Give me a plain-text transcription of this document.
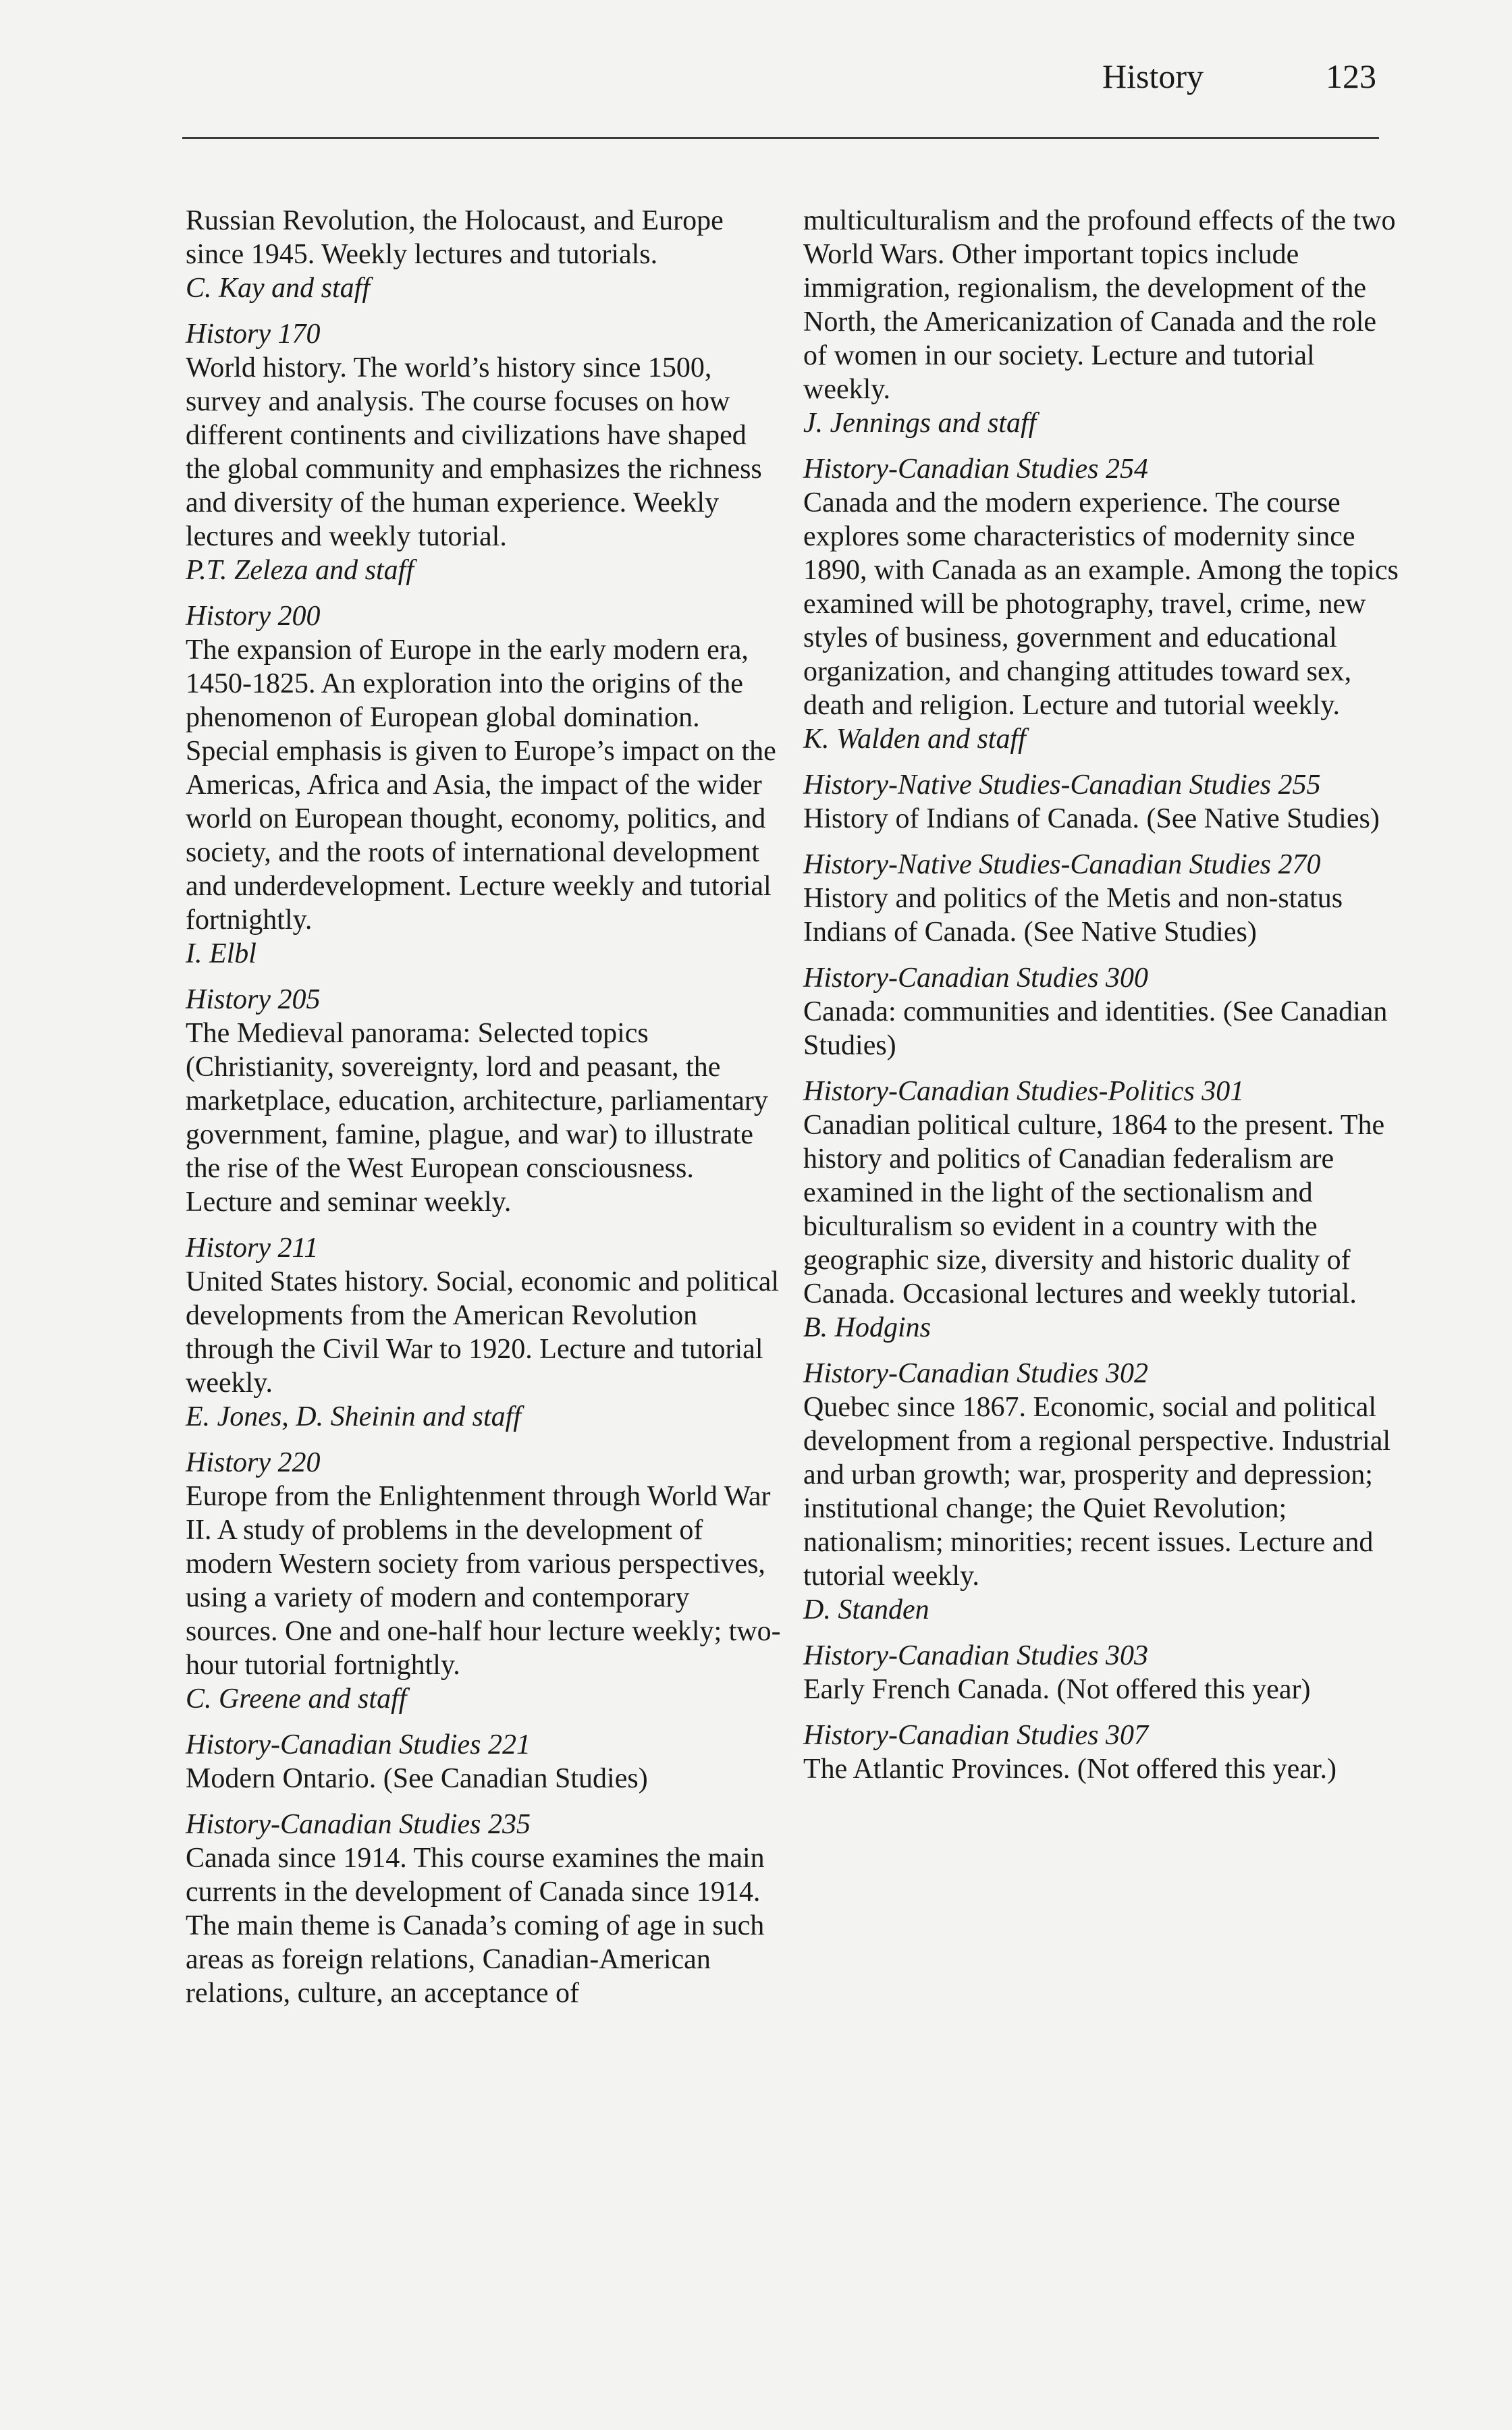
History	123
Russian Revolution, the Holocaust, and Europe since 1945. Weekly lectures and tutorials.
C. Kay and staff
History 170
World history. The world’s history since 1500, survey and analysis. The course focuses on how different continents and civilizations have shaped the global community and emphasizes the richness and diversity of the human experience. Weekly lectures and weekly tutorial.
P.T. Zeleza and staff
History 200
The expansion of Europe in the early modern era, 1450-1825. An exploration into the origins of the phenomenon of European global domination. Special emphasis is given to Europe’s impact on the Americas, Africa and Asia, the impact of the wider world on European thought, economy, politics, and society, and the roots of international development and underdevelopment. Lecture weekly and tutorial fortnightly.
I. Elbl
History 205
The Medieval panorama: Selected topics (Christianity, sovereignty, lord and peasant, the marketplace, education, architecture, parliamentary government, famine, plague, and war) to illustrate the rise of the West European consciousness. Lecture and seminar weekly.
History 211
United States history. Social, economic and political developments from the American Revolution through the Civil War to 1920. Lecture and tutorial weekly.
E. Jones, D. Sheinin and staff
History 220
Europe from the Enlightenment through World War II. A study of problems in the development of modern Western society from various perspectives, using a variety of modern and contemporary sources. One and one-half hour lecture weekly; two-hour tutorial fortnightly.
C. Greene and staff
History-Canadian Studies 221
Modern Ontario. (See Canadian Studies)
History-Canadian Studies 235
Canada since 1914. This course examines the main currents in the development of Canada since 1914. The main theme is Canada’s coming of age in such areas as foreign relations, Canadian-American relations, culture, an acceptance of
multiculturalism and the profound effects of the two World Wars. Other important topics include immigration, regionalism, the development of the North, the Americanization of Canada and the role of women in our society. Lecture and tutorial weekly.
J. Jennings and staff
History-Canadian Studies 254
Canada and the modern experience. The course explores some characteristics of modernity since 1890, with Canada as an example. Among the topics examined will be photography, travel, crime, new styles of business, government and educational organization, and changing attitudes toward sex, death and religion. Lecture and tutorial weekly.
K. Walden and staff
History-Native Studies-Canadian Studies 255
History of Indians of Canada. (See Native Studies)
History-Native Studies-Canadian Studies 270
History and politics of the Metis and non-status Indians of Canada. (See Native Studies)
History-Canadian Studies 300
Canada: communities and identities. (See Canadian Studies)
History-Canadian Studies-Politics 301
Canadian political culture, 1864 to the present. The history and politics of Canadian federalism are examined in the light of the sectionalism and biculturalism so evident in a country with the geographic size, diversity and historic duality of Canada. Occasional lectures and weekly tutorial.
B. Hodgins
History-Canadian Studies 302
Quebec since 1867. Economic, social and political development from a regional perspective. Industrial and urban growth; war, prosperity and depression; institutional change; the Quiet Revolution; nationalism; minorities; recent issues. Lecture and tutorial weekly.
D. Standen
History-Canadian Studies 303
Early French Canada. (Not offered this year)
History-Canadian Studies 307
The Atlantic Provinces. (Not offered this year.)
